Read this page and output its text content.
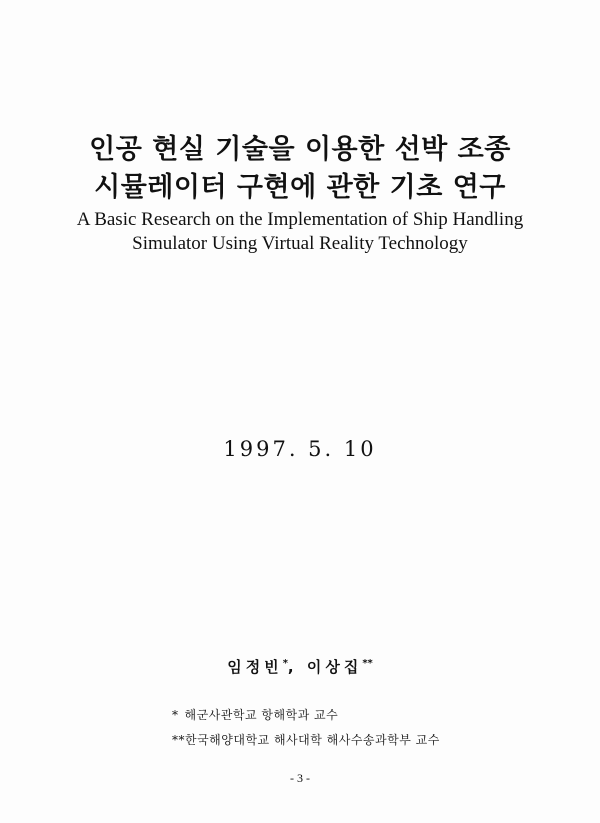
인공 현실 기술을 이용한 선박 조종
시뮬레이터 구현에 관한 기초 연구
A Basic Research on the Implementation of Ship Handling
Simulator Using Virtual Reality Technology
1997. 5. 10
임정빈*, 이상집**
* 해군사관학교 항해학과 교수
**한국해양대학교 해사대학 해사수송과학부 교수
- 3 -
